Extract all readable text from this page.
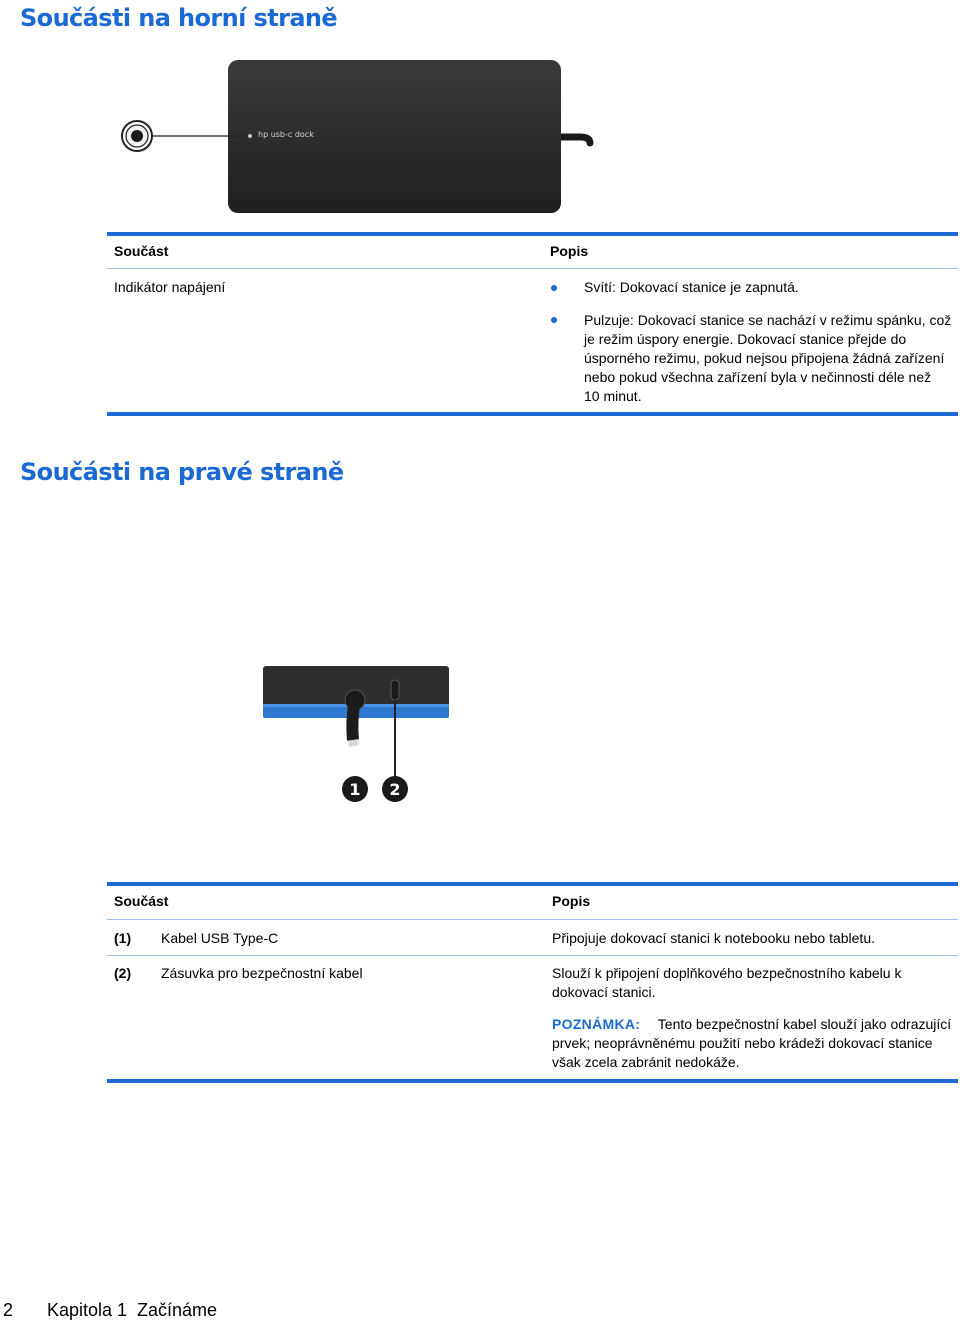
Součásti na horní straně
hp usb-c dock
Součást	Popis
Indikátor napájení	Svítí: Dokovací stanice je zapnutá.
Pulzuje: Dokovací stanice se nachází v režimu spánku, což
je režim úspory energie. Dokovací stanice přejde do
úsporného režimu, pokud nejsou připojena žádná zařízení
nebo pokud všechna zařízení byla v nečinnosti déle než
10 minut.
Součásti na pravé straně
1 2
Součást	Popis
(1) Kabel USB Type-C	Připojuje dokovací stanici k notebooku nebo tabletu.
(2) Zásuvka pro bezpečnostní kabel	Slouží k připojení doplňkového bezpečnostního kabelu k
dokovací stanici.
POZNÁMKA: Tento bezpečnostní kabel slouží jako odrazující
prvek; neoprávněnému použití nebo krádeži dokovací stanice
však zcela zabránit nedokáže.
2 Kapitola 1 Začínáme
